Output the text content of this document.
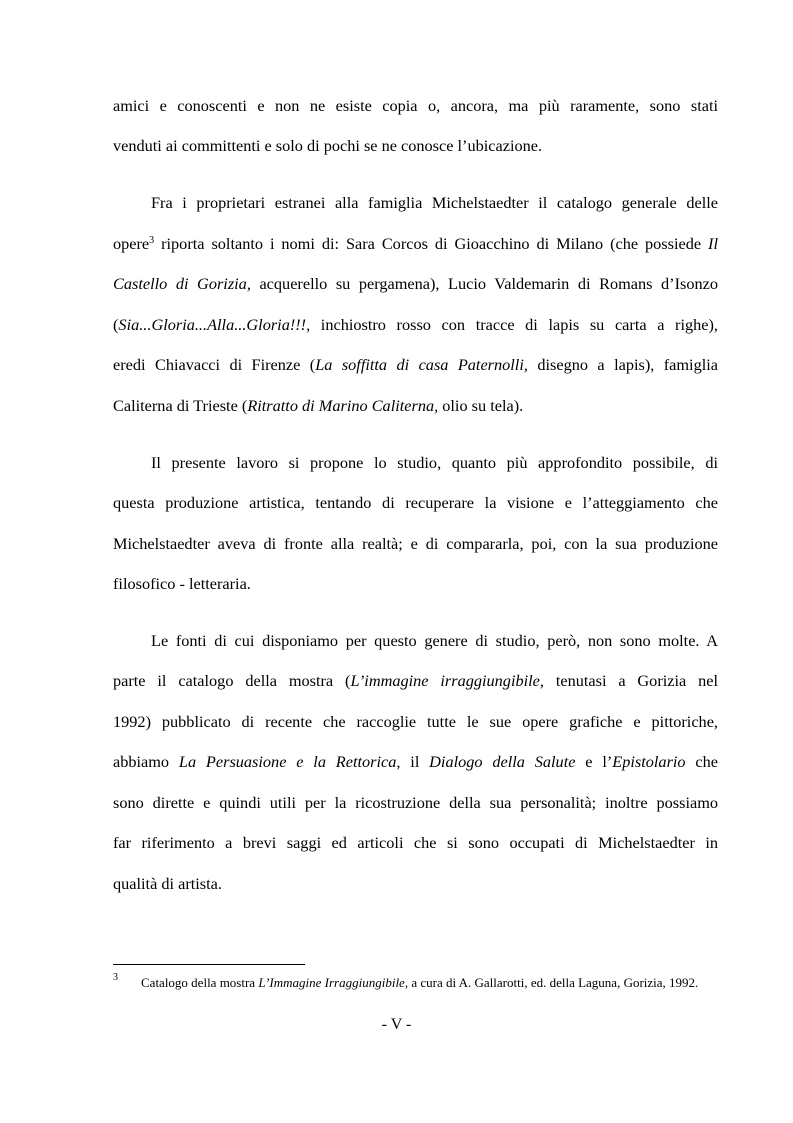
amici e conoscenti e non ne esiste copia o, ancora, ma più raramente, sono stati
venduti ai committenti e solo di pochi se ne conosce l’ubicazione.
Fra i proprietari estranei alla famiglia Michelstaedter il catalogo generale delle
opere$^3$ riporta soltanto i nomi di: Sara Corcos di Gioacchino di Milano (che possiede Il
Castello di Gorizia, acquerello su pergamena), Lucio Valdemarin di Romans d’Isonzo
(Sia...Gloria...Alla...Gloria!!!, inchiostro rosso con tracce di lapis su carta a righe),
eredi Chiavacci di Firenze (La soffitta di casa Paternolli, disegno a lapis), famiglia
Caliterna di Trieste (Ritratto di Marino Caliterna, olio su tela).
Il presente lavoro si propone lo studio, quanto più approfondito possibile, di
questa produzione artistica, tentando di recuperare la visione e l’atteggiamento che
Michelstaedter aveva di fronte alla realtà; e di compararla, poi, con la sua produzione
filosofico - letteraria.
Le fonti di cui disponiamo per questo genere di studio, però, non sono molte. A
parte il catalogo della mostra (L’immagine irraggiungibile, tenutasi a Gorizia nel
1992) pubblicato di recente che raccoglie tutte le sue opere grafiche e pittoriche,
abbiamo La Persuasione e la Rettorica, il Dialogo della Salute e l’Epistolario che
sono dirette e quindi utili per la ricostruzione della sua personalità; inoltre possiamo
far riferimento a brevi saggi ed articoli che si sono occupati di Michelstaedter in
qualità di artista.
3 Catalogo della mostra L’Immagine Irraggiungibile, a cura di A. Gallarotti, ed. della Laguna, Gorizia, 1992.
- V -
